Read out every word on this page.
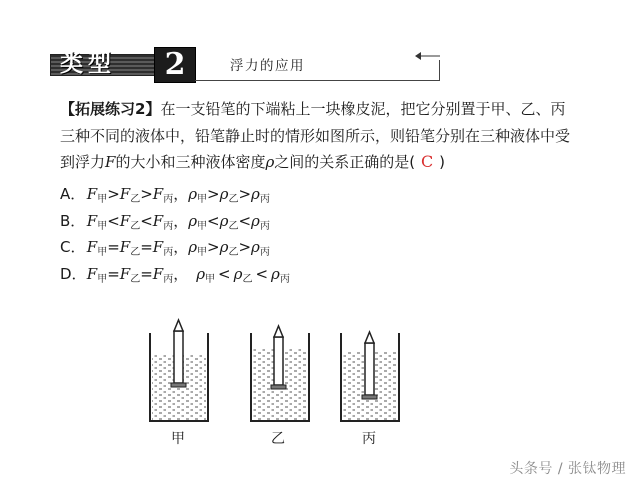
类型	2	浮力的应用

【拓展练习2】在一支铅笔的下端粘上一块橡皮泥，把它分别置于甲、乙、丙

三种不同的液体中，铅笔静止时的情形如图所示，则铅笔分别在三种液体中受

到浮力F的大小和三种液体密度ρ之间的关系正确的是( C )

A． $F_甲>F_乙>F_丙$，$\rho_甲>\rho_乙>\rho_丙$
B． $F_甲<F_乙<F_丙$，$\rho_甲<\rho_乙<\rho_丙$
C． $F_甲=F_乙=F_丙$，$\rho_甲>\rho_乙>\rho_丙$
D． $F_甲=F_乙=F_丙$， $\rho_甲 < \rho_乙 < \rho_丙$
甲	乙	丙
头条号 / 张钛物理
